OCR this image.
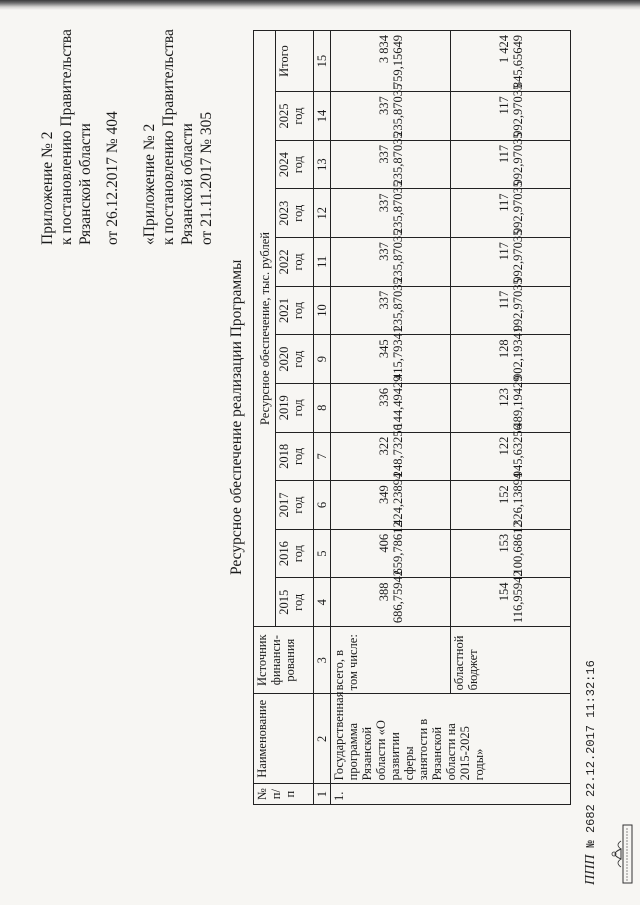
Приложение № 2 к постановлению Правительства Рязанской области от 26.12.2017 № 404 «Приложение № 2 к постановлению Правительства Рязанской области от 21.11.2017 № 305
Ресурсное обеспечение реализации Программы
№ п/п	Наименование	Источник финанси-рования	Ресурсное обеспечение, тыс. рублей											

			2015 год	2016 год	2017 год	2018 год	2019 год	2020 год	2021 год	2022 год	2023 год	2024 год	2025 год	Итого
1	2	3	4	5	6	7	8	9	10	11	12	13	14	15
1.	Государственная программа Рязанской области «О развитии сферы занятости в Рязанской области на 2015-2025 годы»	всего, в том числе:	388 686,75942	406 659,78612	349 424,23894	322 248,73256	336 144,49429	345 415,79341	337 235,87035	337 235,87035	337 235,87035	337 235,87035	337 235,87035	3 834 759,15649
		областной бюджет	154 116,95942	153 100,68612	152 326,13894	122 945,63256	123 489,19429	128 902,19341	117 992,97035	117 992,97035	117 992,97035	117 992,97035	117 992,97035	1 424 845,65649
ППП № 2682 22.12.2017 11:32:16
